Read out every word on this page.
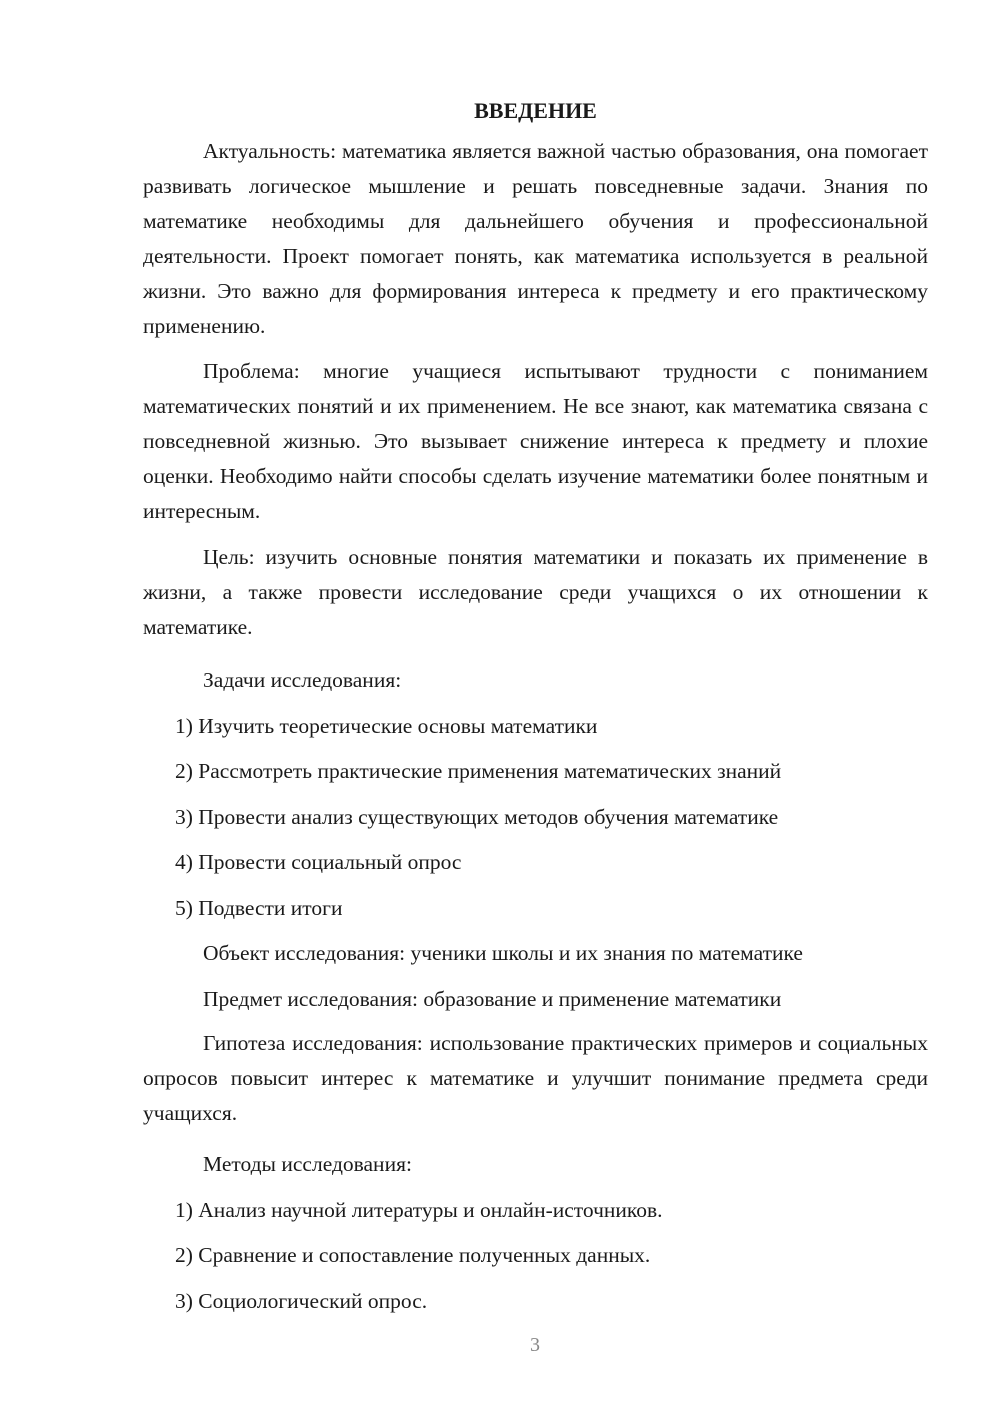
ВВЕДЕНИЕ

Актуальность: математика является важной частью образования, она помогает развивать логическое мышление и решать повседневные задачи. Знания по математике необходимы для дальнейшего обучения и профессиональной деятельности. Проект помогает понять, как математика используется в реальной жизни. Это важно для формирования интереса к предмету и его практическому применению.

Проблема: многие учащиеся испытывают трудности с пониманием математических понятий и их применением. Не все знают, как математика связана с повседневной жизнью. Это вызывает снижение интереса к предмету и плохие оценки. Необходимо найти способы сделать изучение математики более понятным и интересным.

Цель: изучить основные понятия математики и показать их применение в жизни, а также провести исследование среди учащихся о их отношении к математике.

Задачи исследования:
1) Изучить теоретические основы математики
2) Рассмотреть практические применения математических знаний
3) Провести анализ существующих методов обучения математике
4) Провести социальный опрос
5) Подвести итоги
Объект исследования: ученики школы и их знания по математике
Предмет исследования: образование и применение математики

Гипотеза исследования: использование практических примеров и социальных опросов повысит интерес к математике и улучшит понимание предмета среди учащихся.

Методы исследования:
1) Анализ научной литературы и онлайн-источников.
2) Сравнение и сопоставление полученных данных.
3) Социологический опрос.
3
